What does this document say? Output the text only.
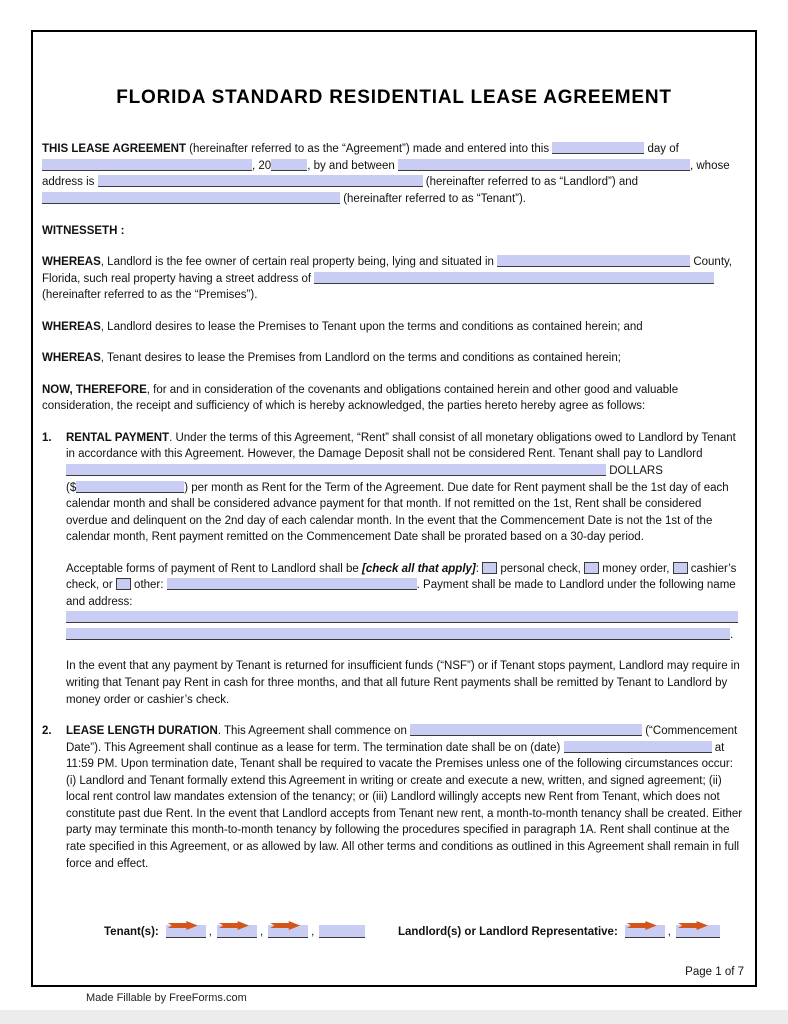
FLORIDA STANDARD RESIDENTIAL LEASE AGREEMENT

THIS LEASE AGREEMENT (hereinafter referred to as the “Agreement”) made and entered into this	day of , 20	, by and between	, whose address is	(hereinafter referred to as “Landlord”) and  (hereinafter referred to as “Tenant”).

WITNESSETH :

WHEREAS, Landlord is the fee owner of certain real property being, lying and situated in	County, Florida, such real property having a street address of  (hereinafter referred to as the “Premises”).

WHEREAS, Landlord desires to lease the Premises to Tenant upon the terms and conditions as contained herein; and

WHEREAS, Tenant desires to lease the Premises from Landlord on the terms and conditions as contained herein;

NOW, THEREFORE, for and in consideration of the covenants and obligations contained herein and other good and valuable consideration, the receipt and sufficiency of which is hereby acknowledged, the parties hereto hereby agree as follows:

1. RENTAL PAYMENT. Under the terms of this Agreement, “Rent” shall consist of all monetary obligations owed to Landlord by Tenant in accordance with this Agreement. However, the Damage Deposit shall not be considered Rent. Tenant shall pay to Landlord
DOLLARS
($	) per month as Rent for the Term of the Agreement. Due date for Rent payment shall be the 1st day of each calendar month and shall be considered advance payment for that month. If not remitted on the 1st, Rent shall be considered overdue and delinquent on the 2nd day of each calendar month. In the event that the Commencement Date is not the 1st of the calendar month, Rent payment remitted on the Commencement Date shall be prorated based on a 30-day period.

Acceptable forms of payment of Rent to Landlord shall be [check all that apply]:  personal check,  money order,  cashier’s check, or  other:	. Payment shall be made to Landlord under the following name and address:

.

In the event that any payment by Tenant is returned for insufficient funds (“NSF”) or if Tenant stops payment, Landlord may require in writing that Tenant pay Rent in cash for three months, and that all future Rent payments shall be remitted by Tenant to Landlord by money order or cashier’s check.

2. LEASE LENGTH DURATION. This Agreement shall commence on	(“Commencement Date”). This Agreement shall continue as a lease for term. The termination date shall be on (date)	at 11:59 PM. Upon termination date, Tenant shall be required to vacate the Premises unless one of the following circumstances occur: (i) Landlord and Tenant formally extend this Agreement in writing or create and execute a new, written, and signed agreement; (ii) local rent control law mandates extension of the tenancy; or (iii) Landlord willingly accepts new Rent from Tenant, which does not constitute past due Rent. In the event that Landlord accepts from Tenant new rent, a month-to-month tenancy shall be created. Either party may terminate this month-to-month tenancy by following the procedures specified in paragraph 1A. Rent shall continue at the rate specified in this Agreement, or as allowed by law. All other terms and conditions as outlined in this Agreement shall remain in full force and effect.

Tenant(s):	,	,	,	Landlord(s) or Landlord Representative:	,
Page 1 of 7
Made Fillable by FreeForms.com
